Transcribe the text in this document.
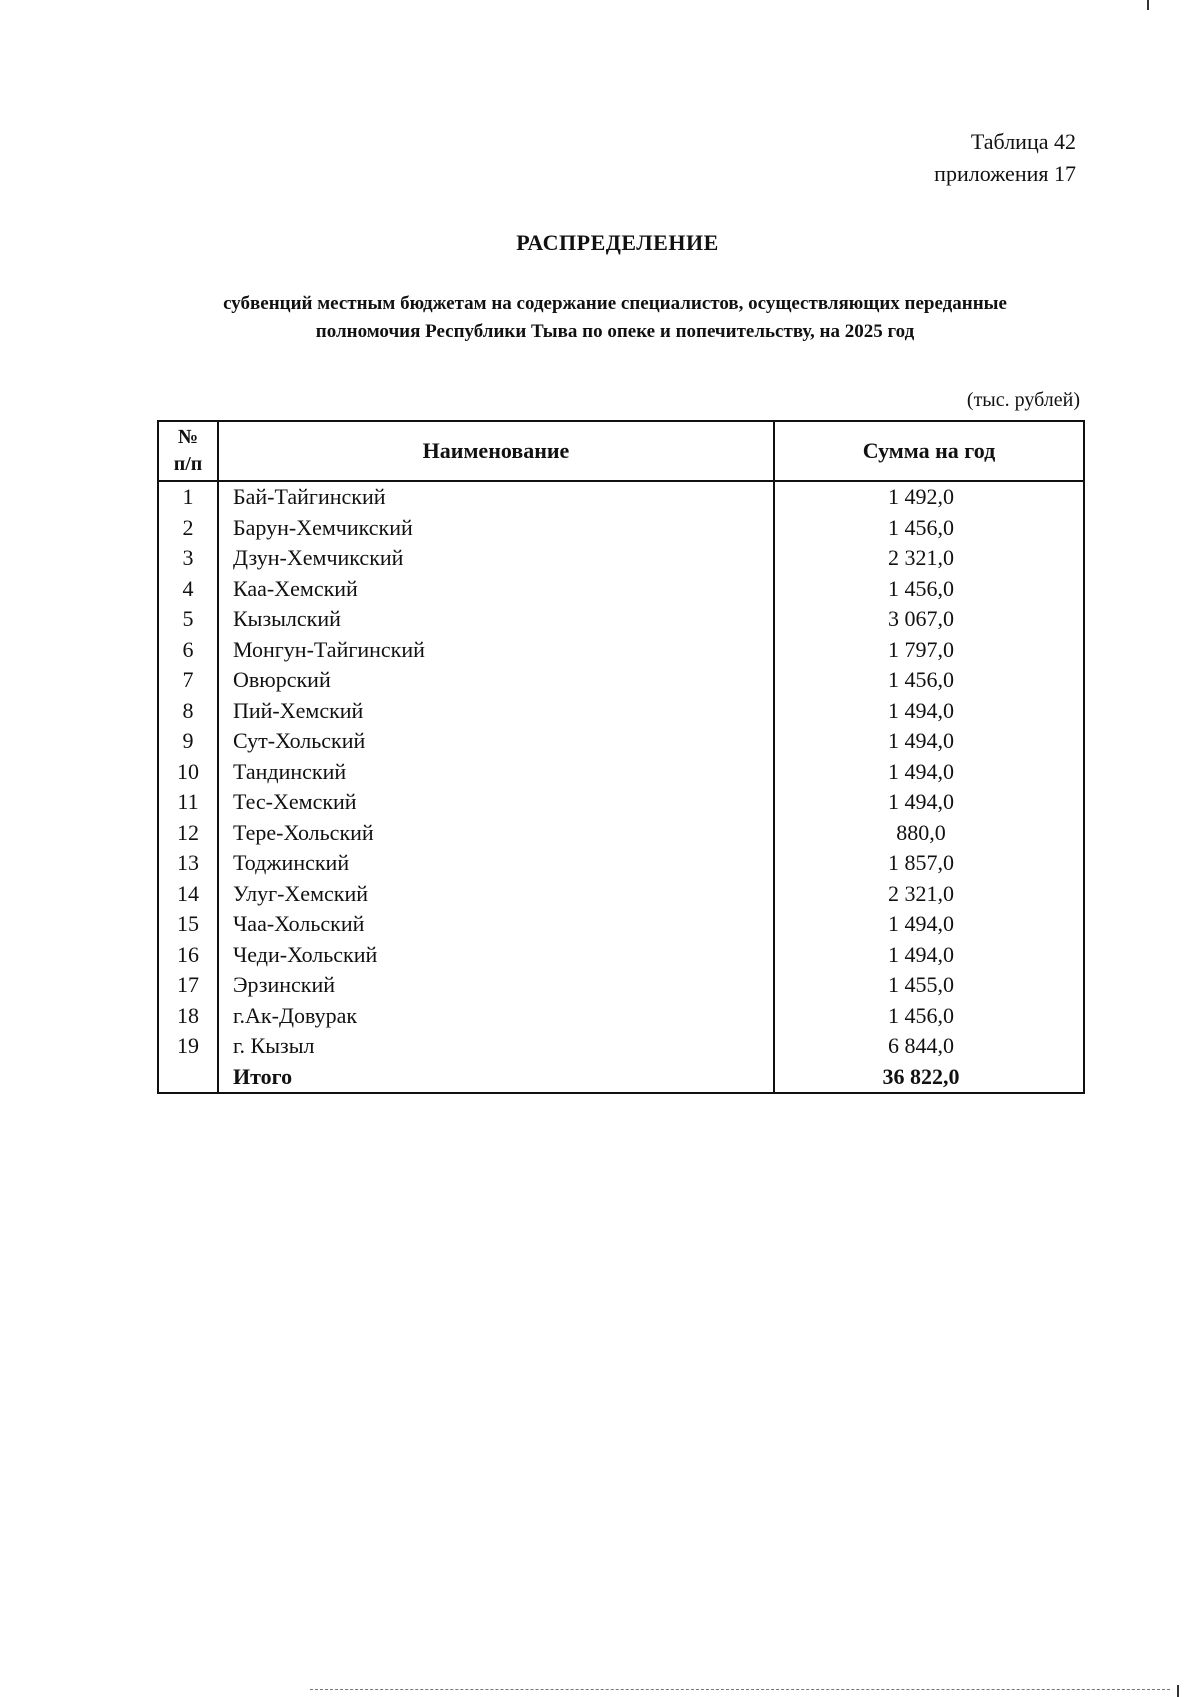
Таблица 42
приложения 17
РАСПРЕДЕЛЕНИЕ
субвенций местным бюджетам на содержание специалистов, осуществляющих переданные
полномочия Республики Тыва по опеке и попечительству, на 2025 год
(тыс. рублей)
№
п/п	Наименование	Сумма на год
1	Бай-Тайгинский	1 492,0
2	Барун-Хемчикский	1 456,0
3	Дзун-Хемчикский	2 321,0
4	Каа-Хемский	1 456,0
5	Кызылский	3 067,0
6	Монгун-Тайгинский	1 797,0
7	Овюрский	1 456,0
8	Пий-Хемский	1 494,0
9	Сут-Хольский	1 494,0
10	Тандинский	1 494,0
11	Тес-Хемский	1 494,0
12	Тере-Хольский	880,0
13	Тоджинский	1 857,0
14	Улуг-Хемский	2 321,0
15	Чаа-Хольский	1 494,0
16	Чеди-Хольский	1 494,0
17	Эрзинский	1 455,0
18	г.Ак-Довурак	1 456,0
19	г. Кызыл	6 844,0
	Итого	36 822,0
